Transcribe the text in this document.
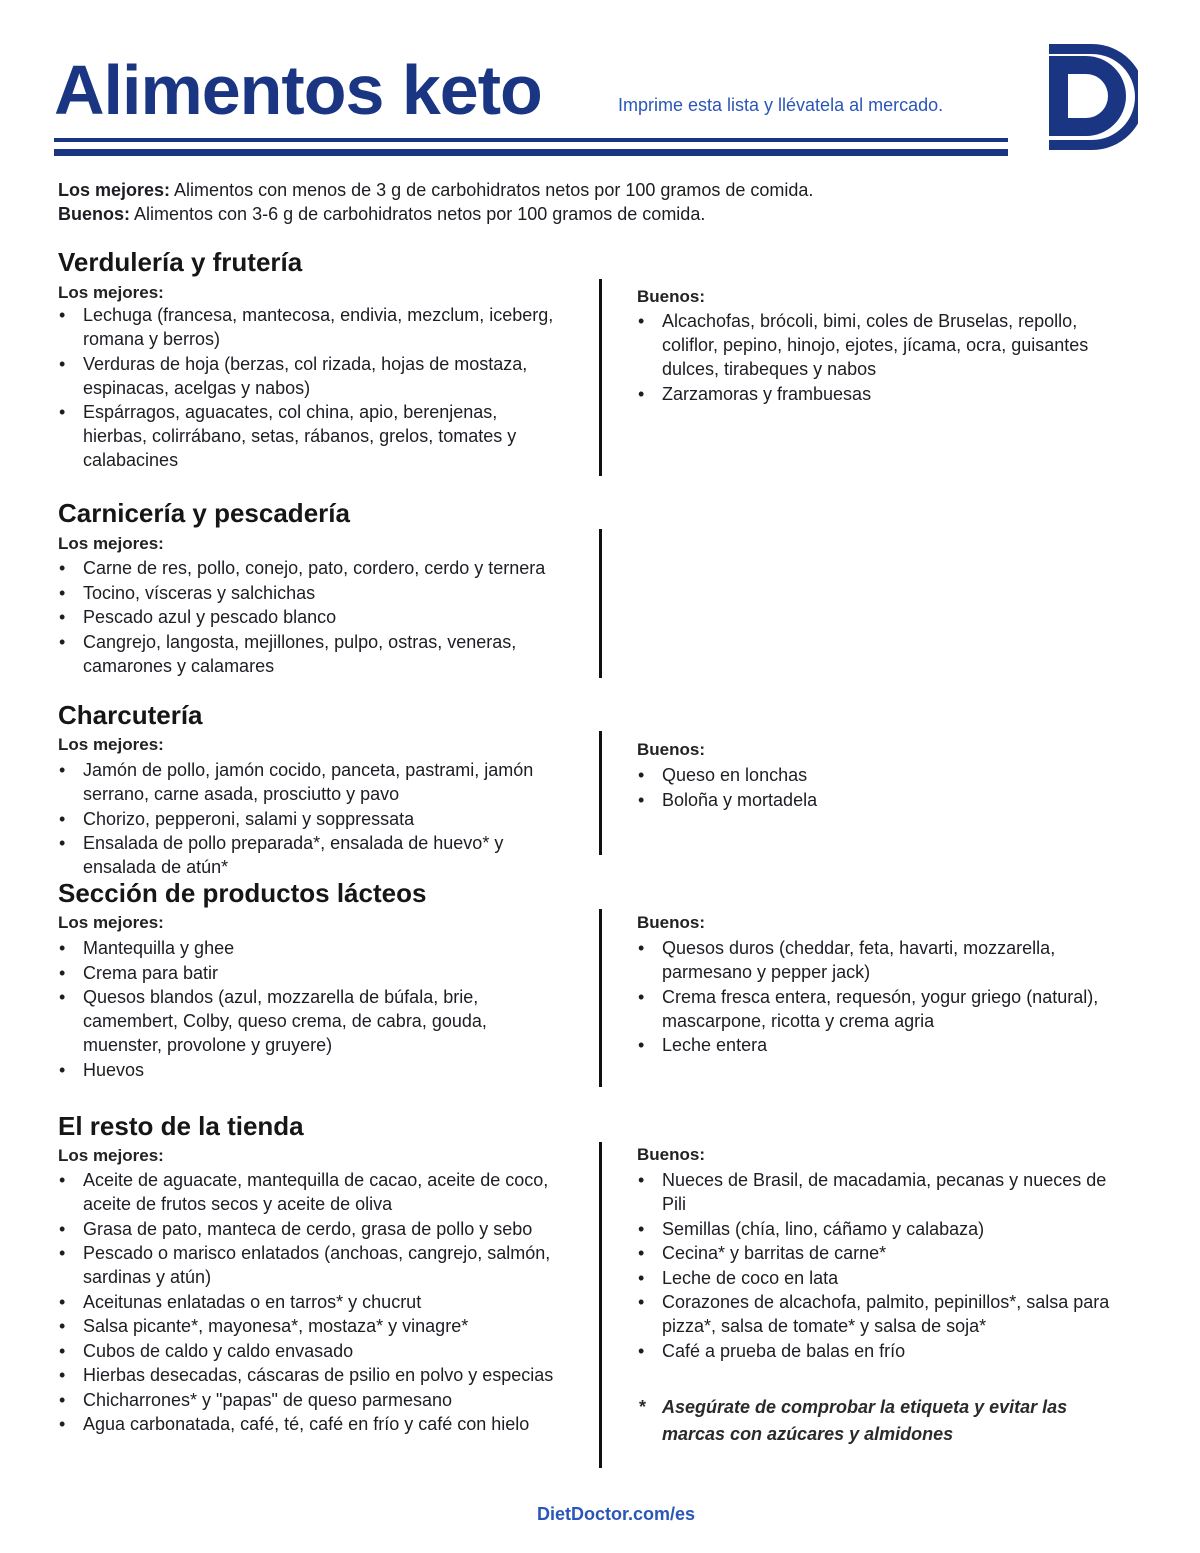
Alimentos keto	Imprime esta lista y llévatela al mercado.
Los mejores: Alimentos con menos de 3 g de carbohidratos netos por 100 gramos de comida.
Buenos: Alimentos con 3-6 g de carbohidratos netos por 100 gramos de comida.
Verdulería y frutería
Los mejores:
• Lechuga (francesa, mantecosa, endivia, mezclum, iceberg, romana y berros)
• Verduras de hoja (berzas, col rizada, hojas de mostaza, espinacas, acelgas y nabos)
• Espárragos, aguacates, col china, apio, berenjenas, hierbas, colirrábano, setas, rábanos, grelos, tomates y calabacines
Buenos:
• Alcachofas, brócoli, bimi, coles de Bruselas, repollo, coliflor, pepino, hinojo, ejotes, jícama, ocra, guisantes dulces, tirabeques y nabos
• Zarzamoras y frambuesas
Carnicería y pescadería
Los mejores:
• Carne de res, pollo, conejo, pato, cordero, cerdo y ternera
• Tocino, vísceras y salchichas
• Pescado azul y pescado blanco
• Cangrejo, langosta, mejillones, pulpo, ostras, veneras, camarones y calamares
Charcutería
Los mejores:
• Jamón de pollo, jamón cocido, panceta, pastrami, jamón serrano, carne asada, prosciutto y pavo
• Chorizo, pepperoni, salami y soppressata
• Ensalada de pollo preparada*, ensalada de huevo* y ensalada de atún*
Buenos:
• Queso en lonchas
• Boloña y mortadela
Sección de productos lácteos
Los mejores:
• Mantequilla y ghee
• Crema para batir
• Quesos blandos (azul, mozzarella de búfala, brie, camembert, Colby, queso crema, de cabra, gouda, muenster, provolone y gruyere)
• Huevos
Buenos:
• Quesos duros (cheddar, feta, havarti, mozzarella, parmesano y pepper jack)
• Crema fresca entera, requesón, yogur griego (natural), mascarpone, ricotta y crema agria
• Leche entera
El resto de la tienda
Los mejores:
• Aceite de aguacate, mantequilla de cacao, aceite de coco, aceite de frutos secos y aceite de oliva
• Grasa de pato, manteca de cerdo, grasa de pollo y sebo
• Pescado o marisco enlatados (anchoas, cangrejo, salmón, sardinas y atún)
• Aceitunas enlatadas o en tarros* y chucrut
• Salsa picante*, mayonesa*, mostaza* y vinagre*
• Cubos de caldo y caldo envasado
• Hierbas desecadas, cáscaras de psilio en polvo y especias
• Chicharrones* y "papas" de queso parmesano
• Agua carbonatada, café, té, café en frío y café con hielo
Buenos:
• Nueces de Brasil, de macadamia, pecanas y nueces de Pili
• Semillas (chía, lino, cáñamo y calabaza)
• Cecina* y barritas de carne*
• Leche de coco en lata
• Corazones de alcachofa, palmito, pepinillos*, salsa para pizza*, salsa de tomate* y salsa de soja*
• Café a prueba de balas en frío
* Asegúrate de comprobar la etiqueta y evitar las marcas con azúcares y almidones
DietDoctor.com/es
